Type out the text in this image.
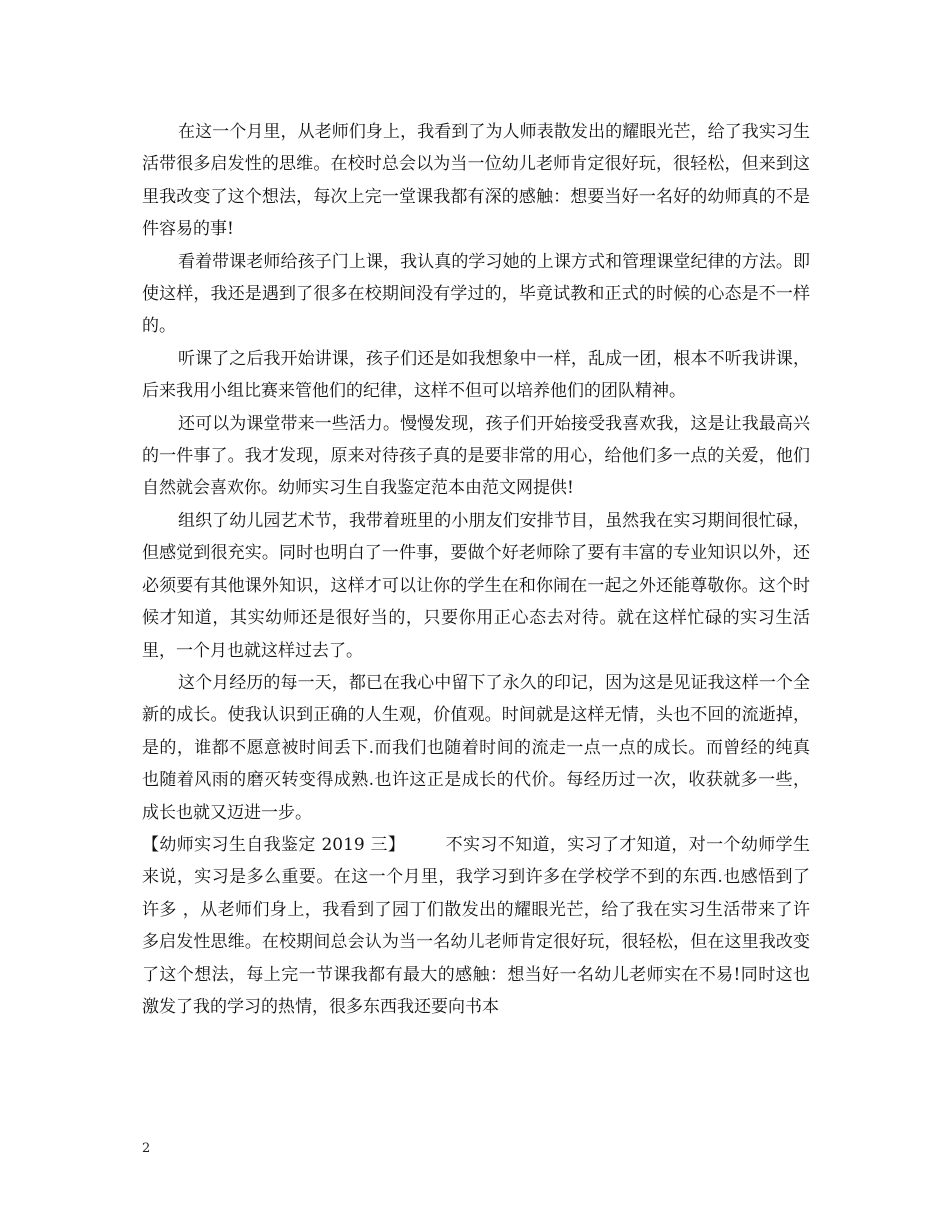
在这一个月里，从老师们身上，我看到了为人师表散发出的耀眼光芒，给了我实习生活带很多启发性的思维。在校时总会以为当一位幼儿老师肯定很好玩，很轻松，但来到这里我改变了这个想法，每次上完一堂课我都有深的感触：想要当好一名好的幼师真的不是件容易的事!

看着带课老师给孩子门上课，我认真的学习她的上课方式和管理课堂纪律的方法。即使这样，我还是遇到了很多在校期间没有学过的，毕竟试教和正式的时候的心态是不一样的。

听课了之后我开始讲课，孩子们还是如我想象中一样，乱成一团，根本不听我讲课，后来我用小组比赛来管他们的纪律，这样不但可以培养他们的团队精神。

还可以为课堂带来一些活力。慢慢发现，孩子们开始接受我喜欢我，这是让我最高兴的一件事了。我才发现，原来对待孩子真的是要非常的用心，给他们多一点的关爱，他们自然就会喜欢你。幼师实习生自我鉴定范本由范文网提供!

组织了幼儿园艺术节，我带着班里的小朋友们安排节目，虽然我在实习期间很忙碌，但感觉到很充实。同时也明白了一件事，要做个好老师除了要有丰富的专业知识以外，还必须要有其他课外知识，这样才可以让你的学生在和你闹在一起之外还能尊敬你。这个时候才知道，其实幼师还是很好当的，只要你用正心态去对待。就在这样忙碌的实习生活里，一个月也就这样过去了。

这个月经历的每一天，都已在我心中留下了永久的印记，因为这是见证我这样一个全新的成长。使我认识到正确的人生观，价值观。时间就是这样无情，头也不回的流逝掉，是的，谁都不愿意被时间丢下.而我们也随着时间的流走一点一点的成长。而曾经的纯真也随着风雨的磨灭转变得成熟.也许这正是成长的代价。每经历过一次，收获就多一些，成长也就又迈进一步。

【幼师实习生自我鉴定 2019 三】 不实习不知道，实习了才知道，对一个幼师学生来说，实习是多么重要。在这一个月里，我学习到许多在学校学不到的东西.也感悟到了许多 ，从老师们身上，我看到了园丁们散发出的耀眼光芒，给了我在实习生活带来了许多启发性思维。在校期间总会认为当一名幼儿老师肯定很好玩，很轻松，但在这里我改变了这个想法，每上完一节课我都有最大的感触：想当好一名幼儿老师实在不易!同时这也激发了我的学习的热情，很多东西我还要向书本

2
